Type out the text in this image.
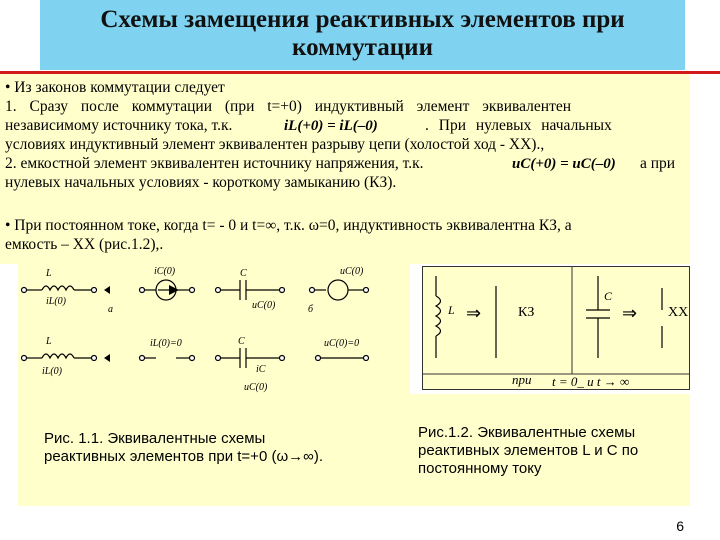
Схемы замещения реактивных элементов при
коммутации
• Из законов коммутации следует
1. Сразу после коммутации (при t=+0) индуктивный элемент эквивалентен
независимому источнику тока, т.к.	iL(+0) = iL(–0)	. При нулевых начальных
условиях индуктивный элемент эквивалентен разрыву цепи (холостой ход - ХХ).,
2. емкостной элемент эквивалентен источнику напряжения, т.к.	uC(+0) = uC(–0) а при
нулевых начальных условиях - короткому замыканию (КЗ).
• При постоянном токе, когда t= - 0 и t=∞, т.к. ω=0, индуктивность эквивалентна КЗ, а
емкость – ХХ (рис.1.2),.
L
iL(0)
iC(0)	C
uC(0)
uC(0)
а	б
L
iL(0)
iL(0)=0	C
iC
uC(0)
uC(0)=0
L ⇒	КЗ
C
⇒ ХХ
при t = 0_ и t → ∞
Рис. 1.1. Эквивалентные схемы
реактивных элементов при t=+0 (ω→∞).
Рис.1.2. Эквивалентные схемы
реактивных элементов L и C по
постоянному току
6
